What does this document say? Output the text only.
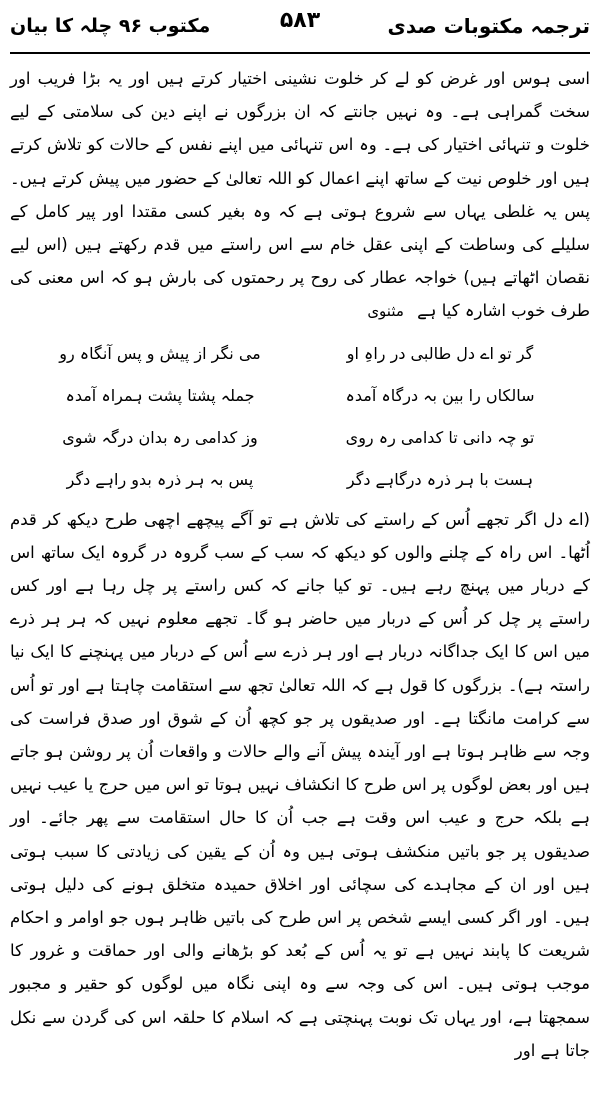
ترجمہ مکتوبات صدی
۵۸۳
مکتوب ۹۶ چلہ کا بیان

اسی ہوس اور غرض کو لے کر خلوت نشینی اختیار کرتے ہیں اور یہ بڑا فریب اور سخت گمراہی ہے۔ وہ نہیں جانتے کہ ان بزرگوں نے اپنے دین کی سلامتی کے لیے خلوت و تنہائی اختیار کی ہے۔ وہ اس تنہائی میں اپنے نفس کے حالات کو تلاش کرتے ہیں اور خلوص نیت کے ساتھ اپنے اعمال کو اللہ تعالیٰ کے حضور میں پیش کرتے ہیں۔ پس یہ غلطی یہاں سے شروع ہوتی ہے کہ وہ بغیر کسی مقتدا اور پیر کامل کے سلیلے کی وساطت کے اپنی عقل خام سے اس راستے میں قدم رکھتے ہیں (اس لیے نقصان اٹھاتے ہیں) خواجہ عطار کی روح پر رحمتوں کی بارش ہو کہ اس معنی کی طرف خوب اشارہ کیا ہے مثنوی

گر تو اے دل طالبی در راہِ او
می نگر از پیش و پس آنگاہ رو
سالکاں را بین بہ درگاہ آمدہ
جملہ پشتا پشت ہمراہ آمدہ
تو چہ دانی تا کدامی رہ روی
وز کدامی رہ بدان درگہ شوی
ہست با ہر ذرہ درگاہے دگر
پس بہ ہر ذرہ بدو راہے دگر

(اے دل اگر تجھے اُس کے راستے کی تلاش ہے تو آگے پیچھے اچھی طرح دیکھ کر قدم اُٹھا۔ اس راہ کے چلنے والوں کو دیکھ کہ سب کے سب گروہ در گروہ ایک ساتھ اس کے دربار میں پہنچ رہے ہیں۔ تو کیا جانے کہ کس راستے پر چل رہا ہے اور کس راستے پر چل کر اُس کے دربار میں حاضر ہو گا۔ تجھے معلوم نہیں کہ ہر ہر ذرے میں اس کا ایک جداگانہ دربار ہے اور ہر ذرے سے اُس کے دربار میں پہنچنے کا ایک نیا راستہ ہے)۔ بزرگوں کا قول ہے کہ اللہ تعالیٰ تجھ سے استقامت چاہتا ہے اور تو اُس سے کرامت مانگتا ہے۔ اور صدیقوں پر جو کچھ اُن کے شوق اور صدق فراست کی وجہ سے ظاہر ہوتا ہے اور آیندہ پیش آنے والے حالات و واقعات اُن پر روشن ہو جاتے ہیں اور بعض لوگوں پر اس طرح کا انکشاف نہیں ہوتا تو اس میں حرج یا عیب نہیں ہے بلکہ حرج و عیب اس وقت ہے جب اُن کا حال استقامت سے پھر جائے۔ اور صدیقوں پر جو باتیں منکشف ہوتی ہیں وہ اُن کے یقین کی زیادتی کا سبب ہوتی ہیں اور ان کے مجاہدے کی سچائی اور اخلاق حمیدہ متخلق ہونے کی دلیل ہوتی ہیں۔ اور اگر کسی ایسے شخص پر اس طرح کی باتیں ظاہر ہوں جو اوامر و احکام شریعت کا پابند نہیں ہے تو یہ اُس کے بُعد کو بڑھانے والی اور حماقت و غرور کا موجب ہوتی ہیں۔ اس کی وجہ سے وہ اپنی نگاہ میں لوگوں کو حقیر و مجبور سمجھتا ہے، اور یہاں تک نوبت پہنچتی ہے کہ اسلام کا حلقہ اس کی گردن سے نکل جاتا ہے اور
